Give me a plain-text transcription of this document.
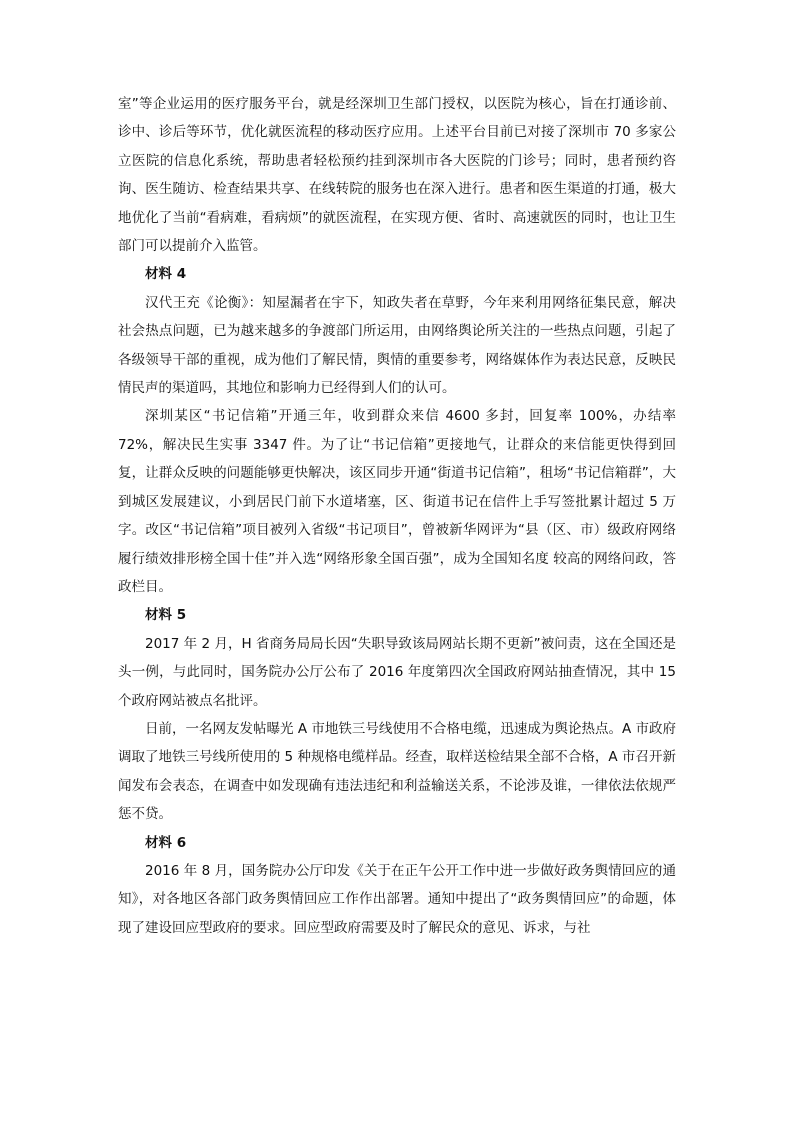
室”等企业运用的医疗服务平台，就是经深圳卫生部门授权，以医院为核心，旨在打通诊前、诊中、诊后等环节，优化就医流程的移动医疗应用。上述平台目前已对接了深圳市 70 多家公立医院的信息化系统，帮助患者轻松预约挂到深圳市各大医院的门诊号；同时，患者预约咨询、医生随访、检查结果共享、在线转院的服务也在深入进行。患者和医生渠道的打通，极大地优化了当前“看病难，看病烦”的就医流程，在实现方便、省时、高速就医的同时，也让卫生部门可以提前介入监管。

材料 4

汉代王充《论衡》：知屋漏者在宇下，知政失者在草野，今年来利用网络征集民意，解决社会热点问题，已为越来越多的争渡部门所运用，由网络舆论所关注的一些热点问题，引起了各级领导干部的重视，成为他们了解民情，舆情的重要参考，网络媒体作为表达民意，反映民情民声的渠道吗，其地位和影响力已经得到人们的认可。

深圳某区“书记信箱”开通三年，收到群众来信 4600 多封，回复率 100%，办结率 72%，解决民生实事 3347 件。为了让“书记信箱”更接地气，让群众的来信能更快得到回复，让群众反映的问题能够更快解决，该区同步开通“街道书记信箱”，租场“书记信箱群”，大到城区发展建议，小到居民门前下水道堵塞，区、街道书记在信件上手写签批累计超过 5 万字。改区“书记信箱”项目被列入省级“书记项目”，曾被新华网评为“县（区、市）级政府网络履行绩效排形榜全国十佳”并入选“网络形象全国百强”，成为全国知名度 较高的网络问政，答政栏目。

材料 5

2017 年 2 月，H 省商务局局长因“失职导致该局网站长期不更新”被问责，这在全国还是头一例，与此同时，国务院办公厅公布了 2016 年度第四次全国政府网站抽查情况，其中 15 个政府网站被点名批评。

日前，一名网友发帖曝光 A 市地铁三号线使用不合格电缆，迅速成为舆论热点。A 市政府调取了地铁三号线所使用的 5 种规格电缆样品。经查，取样送检结果全部不合格，A 市召开新闻发布会表态，在调查中如发现确有违法违纪和利益输送关系，不论涉及谁，一律依法依规严惩不贷。

材料 6

2016 年 8 月，国务院办公厅印发《关于在正午公开工作中进一步做好政务舆情回应的通知》，对各地区各部门政务舆情回应工作作出部署。通知中提出了“政务舆情回应”的命题，体现了建设回应型政府的要求。回应型政府需要及时了解民众的意见、诉求，与社
